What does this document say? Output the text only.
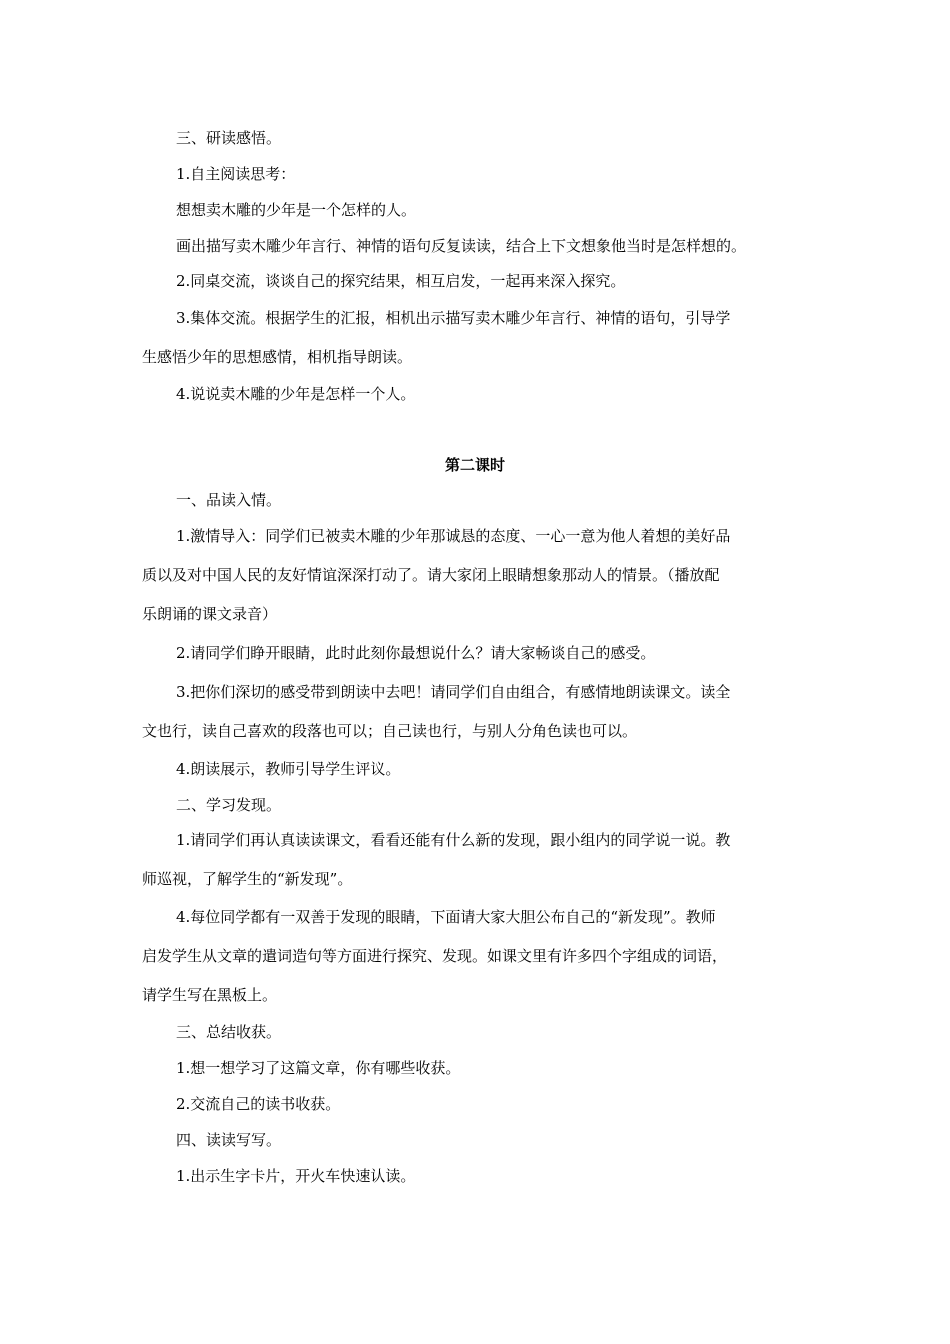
三、研读感悟。
1.自主阅读思考：
想想卖木雕的少年是一个怎样的人。
画出描写卖木雕少年言行、神情的语句反复读读，结合上下文想象他当时是怎样想的。
2.同桌交流，谈谈自己的探究结果，相互启发，一起再来深入探究。
3.集体交流。根据学生的汇报，相机出示描写卖木雕少年言行、神情的语句，引导学
生感悟少年的思想感情，相机指导朗读。
4.说说卖木雕的少年是怎样一个人。
第二课时
一、品读入情。
1.激情导入：同学们已被卖木雕的少年那诚恳的态度、一心一意为他人着想的美好品
质以及对中国人民的友好情谊深深打动了。请大家闭上眼睛想象那动人的情景。（播放配
乐朗诵的课文录音）
2.请同学们睁开眼睛，此时此刻你最想说什么？请大家畅谈自己的感受。
3.把你们深切的感受带到朗读中去吧！请同学们自由组合，有感情地朗读课文。读全
文也行，读自己喜欢的段落也可以；自己读也行，与别人分角色读也可以。
4.朗读展示，教师引导学生评议。
二、学习发现。
1.请同学们再认真读读课文，看看还能有什么新的发现，跟小组内的同学说一说。教
师巡视，了解学生的“新发现”。
4.每位同学都有一双善于发现的眼睛，下面请大家大胆公布自己的“新发现”。教师
启发学生从文章的遣词造句等方面进行探究、发现。如课文里有许多四个字组成的词语，
请学生写在黑板上。
三、总结收获。
1.想一想学习了这篇文章，你有哪些收获。
2.交流自己的读书收获。
四、读读写写。
1.出示生字卡片，开火车快速认读。
